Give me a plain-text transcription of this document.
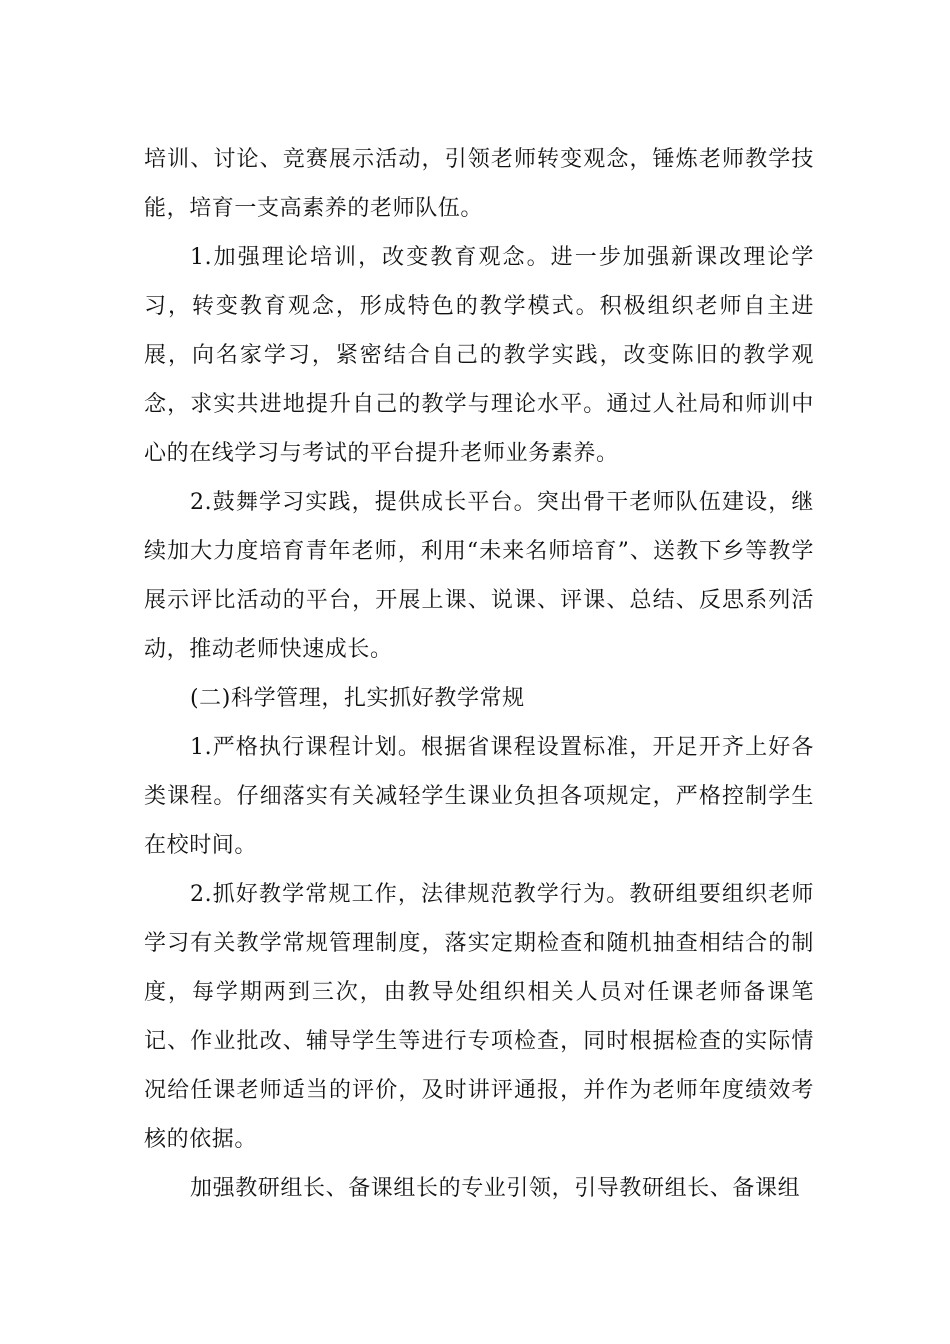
培训、讨论、竞赛展示活动，引领老师转变观念，锤炼老师教学技能，培育一支高素养的老师队伍。

1.加强理论培训，改变教育观念。进一步加强新课改理论学习，转变教育观念，形成特色的教学模式。积极组织老师自主进展，向名家学习，紧密结合自己的教学实践，改变陈旧的教学观念，求实共进地提升自己的教学与理论水平。通过人社局和师训中心的在线学习与考试的平台提升老师业务素养。

2.鼓舞学习实践，提供成长平台。突出骨干老师队伍建设，继续加大力度培育青年老师，利用“未来名师培育”、送教下乡等教学展示评比活动的平台，开展上课、说课、评课、总结、反思系列活动，推动老师快速成长。

(二)科学管理，扎实抓好教学常规

1.严格执行课程计划。根据省课程设置标准，开足开齐上好各类课程。仔细落实有关减轻学生课业负担各项规定，严格控制学生在校时间。

2.抓好教学常规工作，法律规范教学行为。教研组要组织老师学习有关教学常规管理制度，落实定期检查和随机抽查相结合的制度，每学期两到三次，由教导处组织相关人员对任课老师备课笔记、作业批改、辅导学生等进行专项检查，同时根据检查的实际情况给任课老师适当的评价，及时讲评通报，并作为老师年度绩效考核的依据。

加强教研组长、备课组长的专业引领，引导教研组长、备课组
